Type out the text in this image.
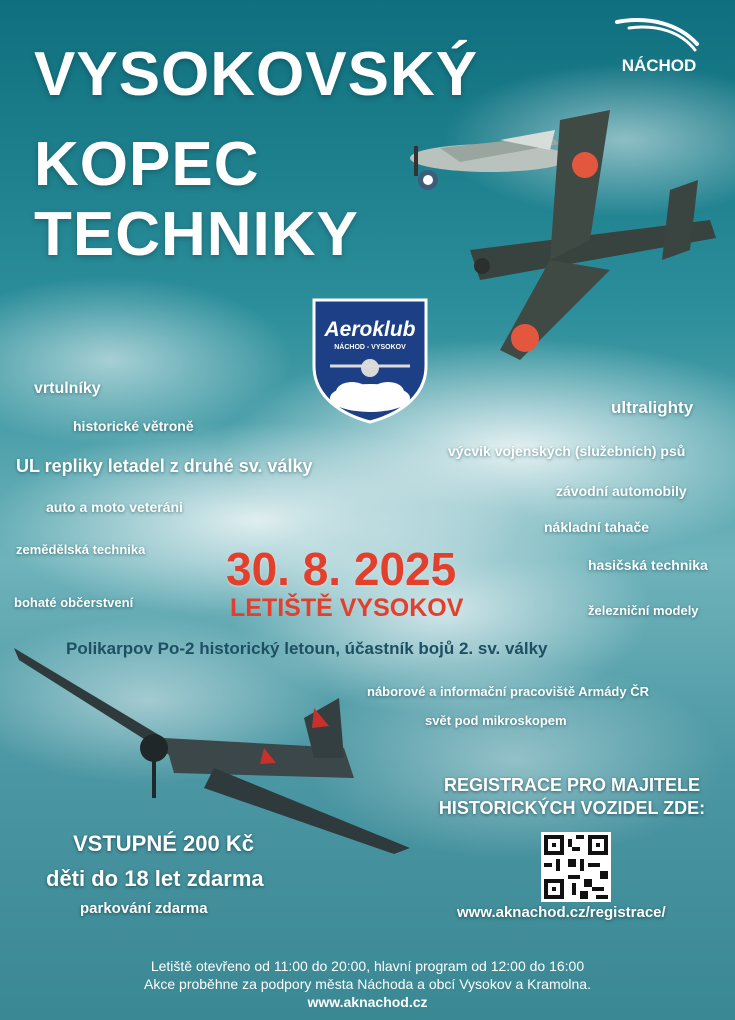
VYSOKOVSKÝ
KOPEC
TECHNIKY
NÁCHOD
Aeroklub
NÁCHOD - VYSOKOV
vrtulníky
historické větroně
UL repliky letadel z druhé sv. války
auto a moto veteráni
zemědělská technika
bohaté občerstvení
ultralighty
výcvik vojenských (služebních) psů
závodní automobily
nákladní tahače
hasičská technika
železniční modely
30. 8. 2025
LETIŠTĚ VYSOKOV
Polikarpov Po-2 historický letoun, účastník bojů 2. sv. války
náborové a informační pracoviště Armády ČR
svět pod mikroskopem
VSTUPNÉ 200 Kč
děti do 18 let zdarma
parkování zdarma
REGISTRACE PRO MAJITELE HISTORICKÝCH VOZIDEL ZDE:
www.aknachod.cz/registrace/
Letiště otevřeno od 11:00 do 20:00, hlavní program od 12:00 do 16:00
Akce proběhne za podpory města Náchoda a obcí Vysokov a Kramolna.
www.aknachod.cz
